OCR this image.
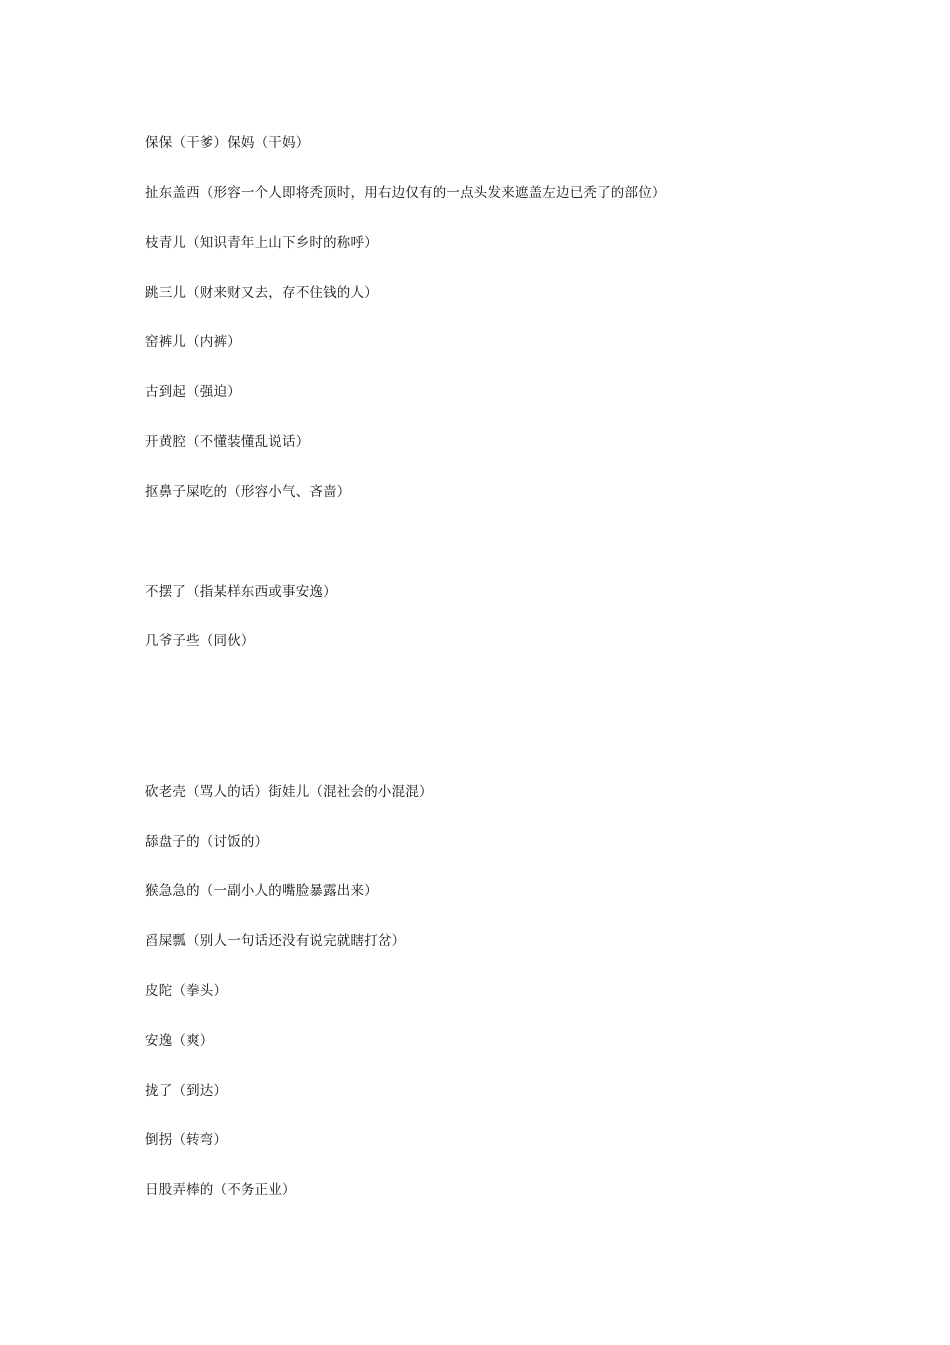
保保（干爹）保妈（干妈）
扯东盖西（形容一个人即将秃顶时，用右边仅有的一点头发来遮盖左边已秃了的部位）
枝青儿（知识青年上山下乡时的称呼）
跳三儿（财来财又去，存不住钱的人）
窑裤儿（内裤）
古到起（强迫）
开黄腔（不懂装懂乱说话）
抠鼻子屎吃的（形容小气、吝啬）
不摆了（指某样东西或事安逸）
几爷子些（同伙）
砍老壳（骂人的话）街娃儿（混社会的小混混）
舔盘子的（讨饭的）
猴急急的（一副小人的嘴脸暴露出来）
舀屎瓢（别人一句话还没有说完就瞎打岔）
皮陀（拳头）
安逸（爽）
拢了（到达）
倒拐（转弯）
日股弄棒的（不务正业）
